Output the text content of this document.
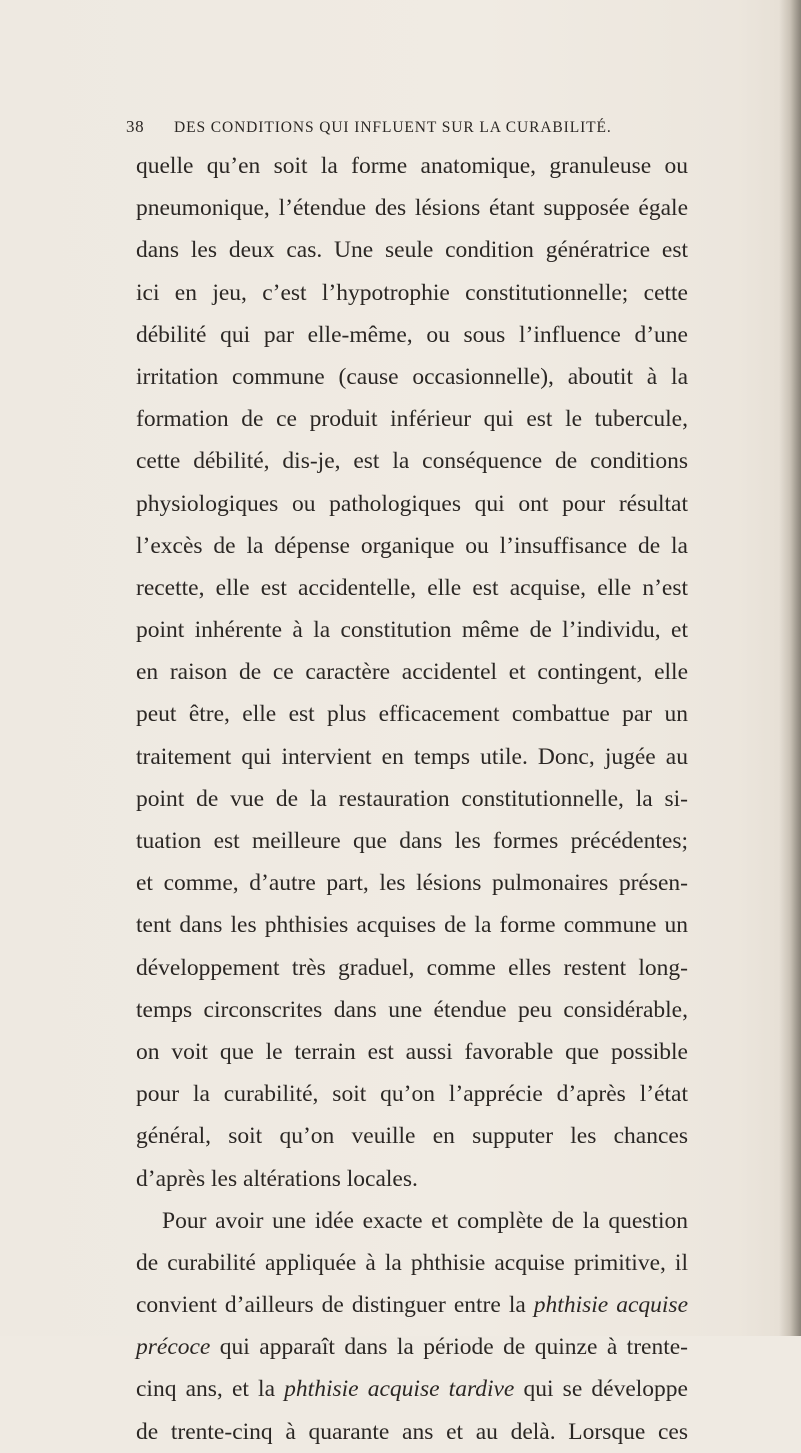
38 DES CONDITIONS QUI INFLUENT SUR LA CURABILITÉ.
quelle qu’en soit la forme anatomique, granuleuse ou
pneumonique, l’étendue des lésions étant supposée égale
dans les deux cas. Une seule condition génératrice est
ici en jeu, c’est l’hypotrophie constitutionnelle; cette
débilité qui par elle-même, ou sous l’influence d’une
irritation commune (cause occasionnelle), aboutit à la
formation de ce produit inférieur qui est le tubercule,
cette débilité, dis-je, est la conséquence de conditions
physiologiques ou pathologiques qui ont pour résultat
l’excès de la dépense organique ou l’insuffisance de la
recette, elle est accidentelle, elle est acquise, elle n’est
point inhérente à la constitution même de l’individu, et
en raison de ce caractère accidentel et contingent, elle
peut être, elle est plus efficacement combattue par un
traitement qui intervient en temps utile. Donc, jugée au
point de vue de la restauration constitutionnelle, la si-
tuation est meilleure que dans les formes précédentes;
et comme, d’autre part, les lésions pulmonaires présen-
tent dans les phthisies acquises de la forme commune un
développement très graduel, comme elles restent long-
temps circonscrites dans une étendue peu considérable,
on voit que le terrain est aussi favorable que possible
pour la curabilité, soit qu’on l’apprécie d’après l’état
général, soit qu’on veuille en supputer les chances
d’après les altérations locales.
Pour avoir une idée exacte et complète de la question
de curabilité appliquée à la phthisie acquise primitive, il
convient d’ailleurs de distinguer entre la phthisie acquise
précoce qui apparaît dans la période de quinze à trente-
cinq ans, et la phthisie acquise tardive qui se développe
de trente-cinq à quarante ans et au delà. Lorsque ces
